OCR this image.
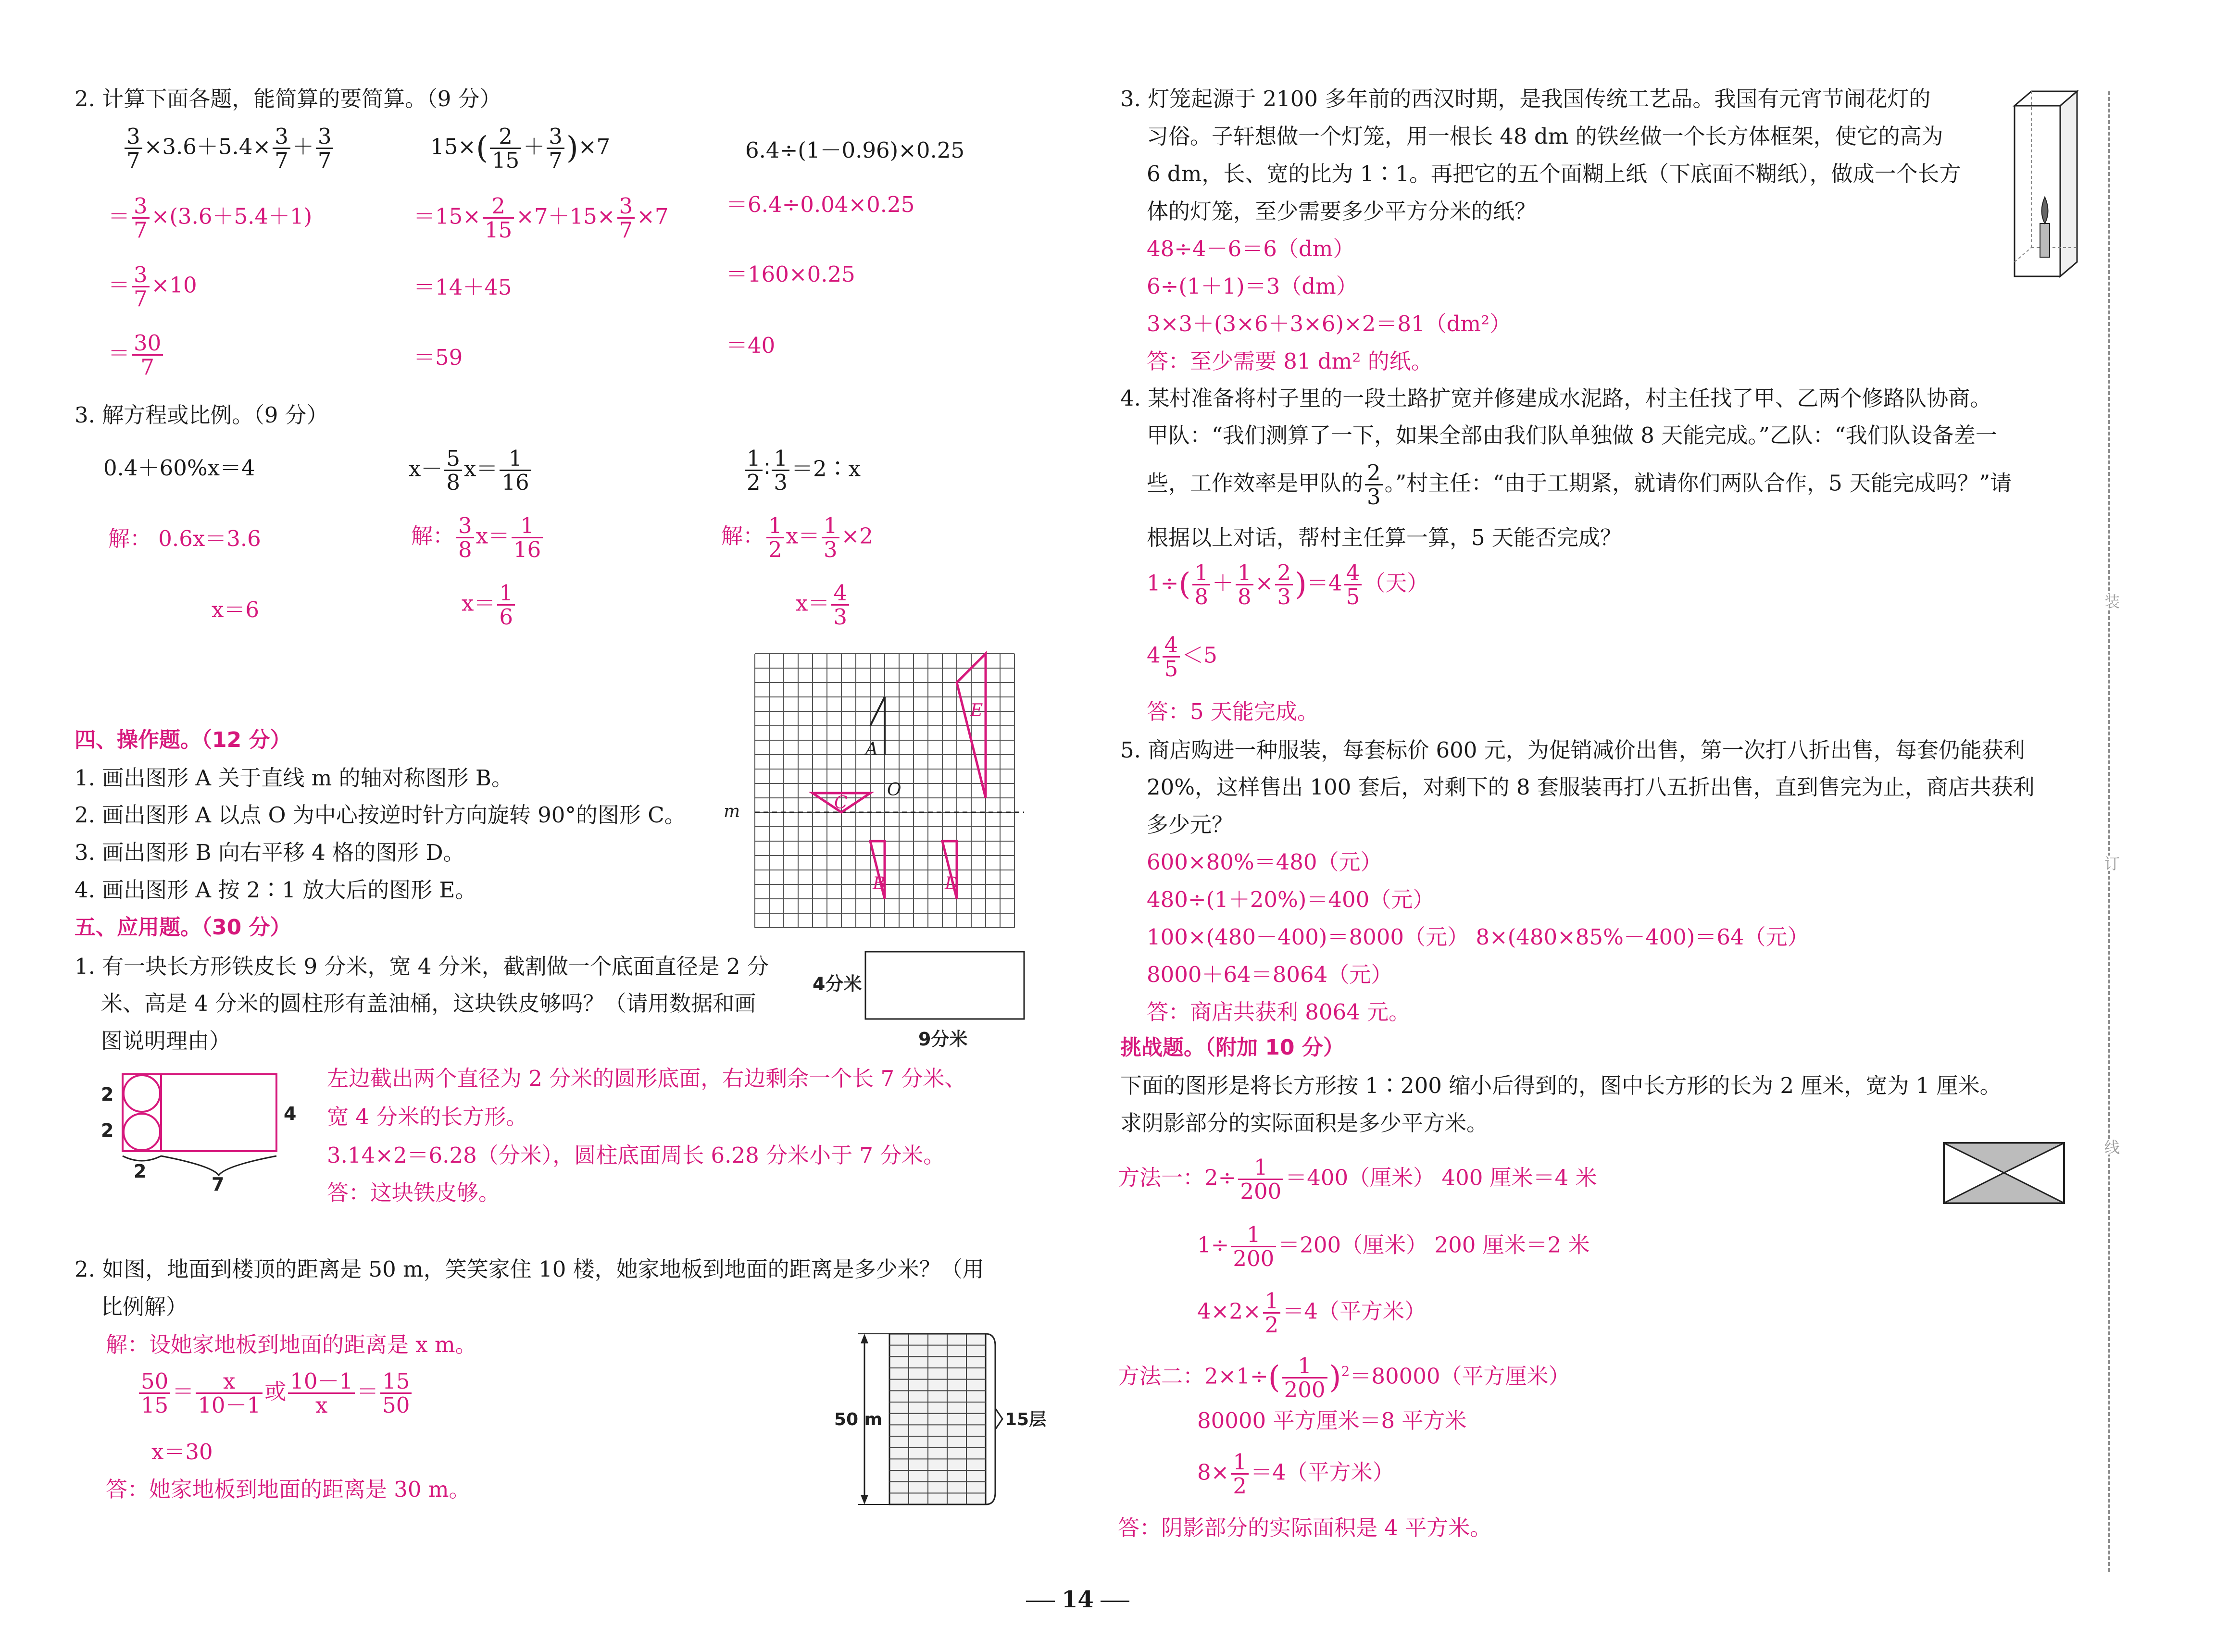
2. 计算下面各题，能简算的要简算。（9 分）
$\frac{3}{7} \times 3.6+5.4\times \frac{3}{7} + \frac{3}{7}$
＝ $\frac{3}{7} \times(3.6+5.4+1)$
＝ $\frac{3}{7} \times 10$
＝ $\frac{30}{7}$
$15\times( \frac{2}{15} + \frac{3}{7} )\times 7$
$=15\times \frac{2}{15} \times 7+15\times \frac{3}{7} \times 7$
＝14＋45
＝59
6.4÷(1－0.96)×0.25
＝6.4÷0.04×0.25
＝160×0.25
＝40
3. 解方程或比例。（9 分）
0.4＋60%x＝4
解： 0.6x＝3.6
x＝6
$x- \frac{5}{8} x= \frac{1}{16}$
解： $\frac{3}{8} x= \frac{1}{16}$
$x= \frac{1}{6}$
$\frac{1}{2}$ ∶ $\frac{1}{3}$ ＝2∶x
解： $\frac{1}{2} x= \frac{1}{3} \times 2$
$x= \frac{4}{3}$
四、操作题。（12 分）
1. 画出图形 A 关于直线 m 的轴对称图形 B。
2. 画出图形 A 以点 O 为中心按逆时针方向旋转 90°的图形 C。
3. 画出图形 B 向右平移 4 格的图形 D。
4. 画出图形 A 按 2∶1 放大后的图形 E。
A
O
C
B	D
E
m
五、应用题。（30 分）
1. 有一块长方形铁皮长 9 分米，宽 4 分米，截割做一个底面直径是 2 分
米、高是 4 分米的圆柱形有盖油桶，这块铁皮够吗？（请用数据和画
图说明理由）
4分米
9分米
2
2
4
2
7
左边截出两个直径为 2 分米的圆形底面，右边剩余一个长 7 分米、
宽 4 分米的长方形。
3.14×2＝6.28（分米），圆柱底面周长 6.28 分米小于 7 分米。
答：这块铁皮够。
2. 如图，地面到楼顶的距离是 50 m，笑笑家住 10 楼，她家地板到地面的距离是多少米？（用
比例解）
解：设她家地板到地面的距离是 x m。
$\frac{50}{15} = \frac{x}{10-1}$ 或 $\frac{10-1}{x} = \frac{15}{50}$
x＝30
答：她家地板到地面的距离是 30 m。
50 m	15层
3. 灯笼起源于 2100 多年前的西汉时期，是我国传统工艺品。我国有元宵节闹花灯的
习俗。子轩想做一个灯笼，用一根长 48 dm 的铁丝做一个长方体框架，使它的高为
6 dm，长、宽的比为 1∶1。再把它的五个面糊上纸（下底面不糊纸），做成一个长方
体的灯笼，至少需要多少平方分米的纸？
48÷4－6＝6（dm）
6÷(1＋1)＝3（dm）
3×3＋(3×6＋3×6)×2＝81（dm²）
答：至少需要 81 dm² 的纸。
4. 某村准备将村子里的一段土路扩宽并修建成水泥路，村主任找了甲、乙两个修路队协商。
甲队：“我们测算了一下，如果全部由我们队单独做 8 天能完成。”乙队：“我们队设备差一
些，工作效率是甲队的 $\frac{2}{3}$ 。”村主任：“由于工期紧，就请你们两队合作，5 天能完成吗？”请
根据以上对话，帮村主任算一算，5 天能否完成？
$1\div( \frac{1}{8} + \frac{1}{8} \times \frac{2}{3} )=4 \frac{4}{5}$ （天）
$4 \frac{4}{5} <5$
答：5 天能完成。
5. 商店购进一种服装，每套标价 600 元，为促销减价出售，第一次打八折出售，每套仍能获利
20%，这样售出 100 套后，对剩下的 8 套服装再打八五折出售，直到售完为止，商店共获利
多少元？
600×80%＝480（元）
480÷(1＋20%)＝400（元）
100×(480－400)＝8000（元） 8×(480×85%－400)＝64（元）
8000＋64＝8064（元）
答：商店共获利 8064 元。
挑战题。（附加 10 分）
下面的图形是将长方形按 1∶200 缩小后得到的，图中长方形的长为 2 厘米，宽为 1 厘米。
求阴影部分的实际面积是多少平方米。
方法一：$2\div \frac{1}{200} =400$（厘米） 400 厘米＝4 米
$1\div \frac{1}{200} =200$（厘米） 200 厘米＝2 米
$4\times 2\times \frac{1}{2} =4$（平方米）
方法二：$2\times 1\div( \frac{1}{200} )^2=80000$（平方厘米）
80000 平方厘米＝8 平方米
$8\times \frac{1}{2} =4$（平方米）
答：阴影部分的实际面积是 4 平方米。
装
订
线
14
